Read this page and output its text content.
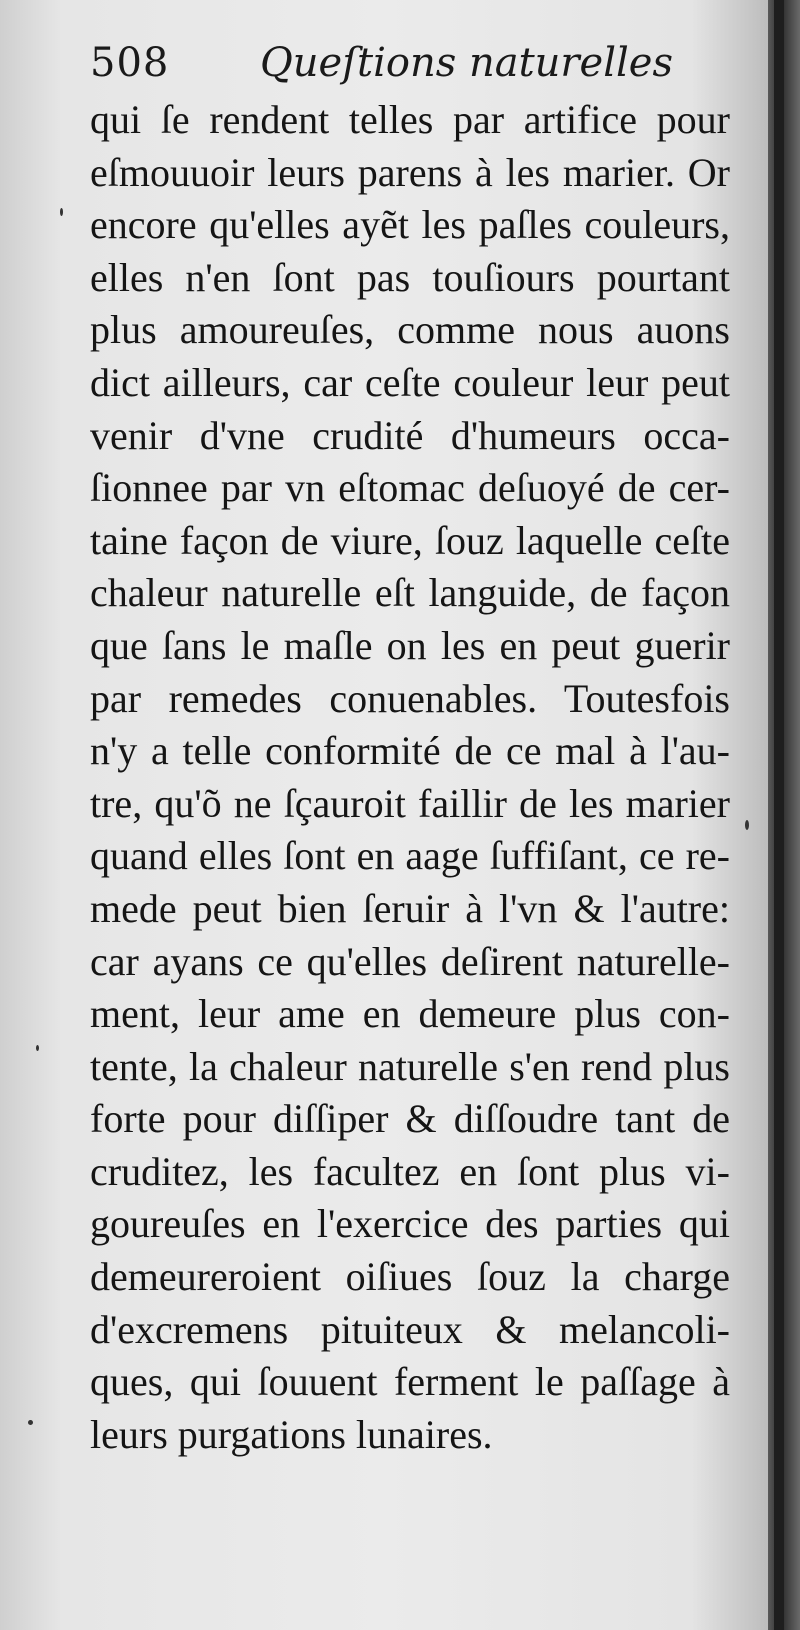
508 Queſtions naturelles
qui ſe rendent telles par artifice pour
eſmouuoir leurs parens à les marier. Or
encore qu'elles ayẽt les paſles couleurs,
elles n'en ſont pas touſiours pourtant
plus amoureuſes, comme nous auons
dict ailleurs, car ceſte couleur leur peut
venir d'vne crudité d'humeurs occa-
ſionnee par vn eſtomac deſuoyé de cer-
taine façon de viure, ſouz laquelle ceſte
chaleur naturelle eſt languide, de façon
que ſans le maſle on les en peut guerir
par remedes conuenables. Toutesfois
n'y a telle conformité de ce mal à l'au-
tre, qu'õ ne ſçauroit faillir de les marier
quand elles ſont en aage ſuffiſant, ce re-
mede peut bien ſeruir à l'vn & l'autre:
car ayans ce qu'elles deſirent naturelle-
ment, leur ame en demeure plus con-
tente, la chaleur naturelle s'en rend plus
forte pour diſſiper & diſſoudre tant de
cruditez, les facultez en ſont plus vi-
goureuſes en l'exercice des parties qui
demeureroient oiſiues ſouz la charge
d'excremens pituiteux & melancoli-
ques, qui ſouuent ferment le paſſage à
leurs purgations lunaires.
